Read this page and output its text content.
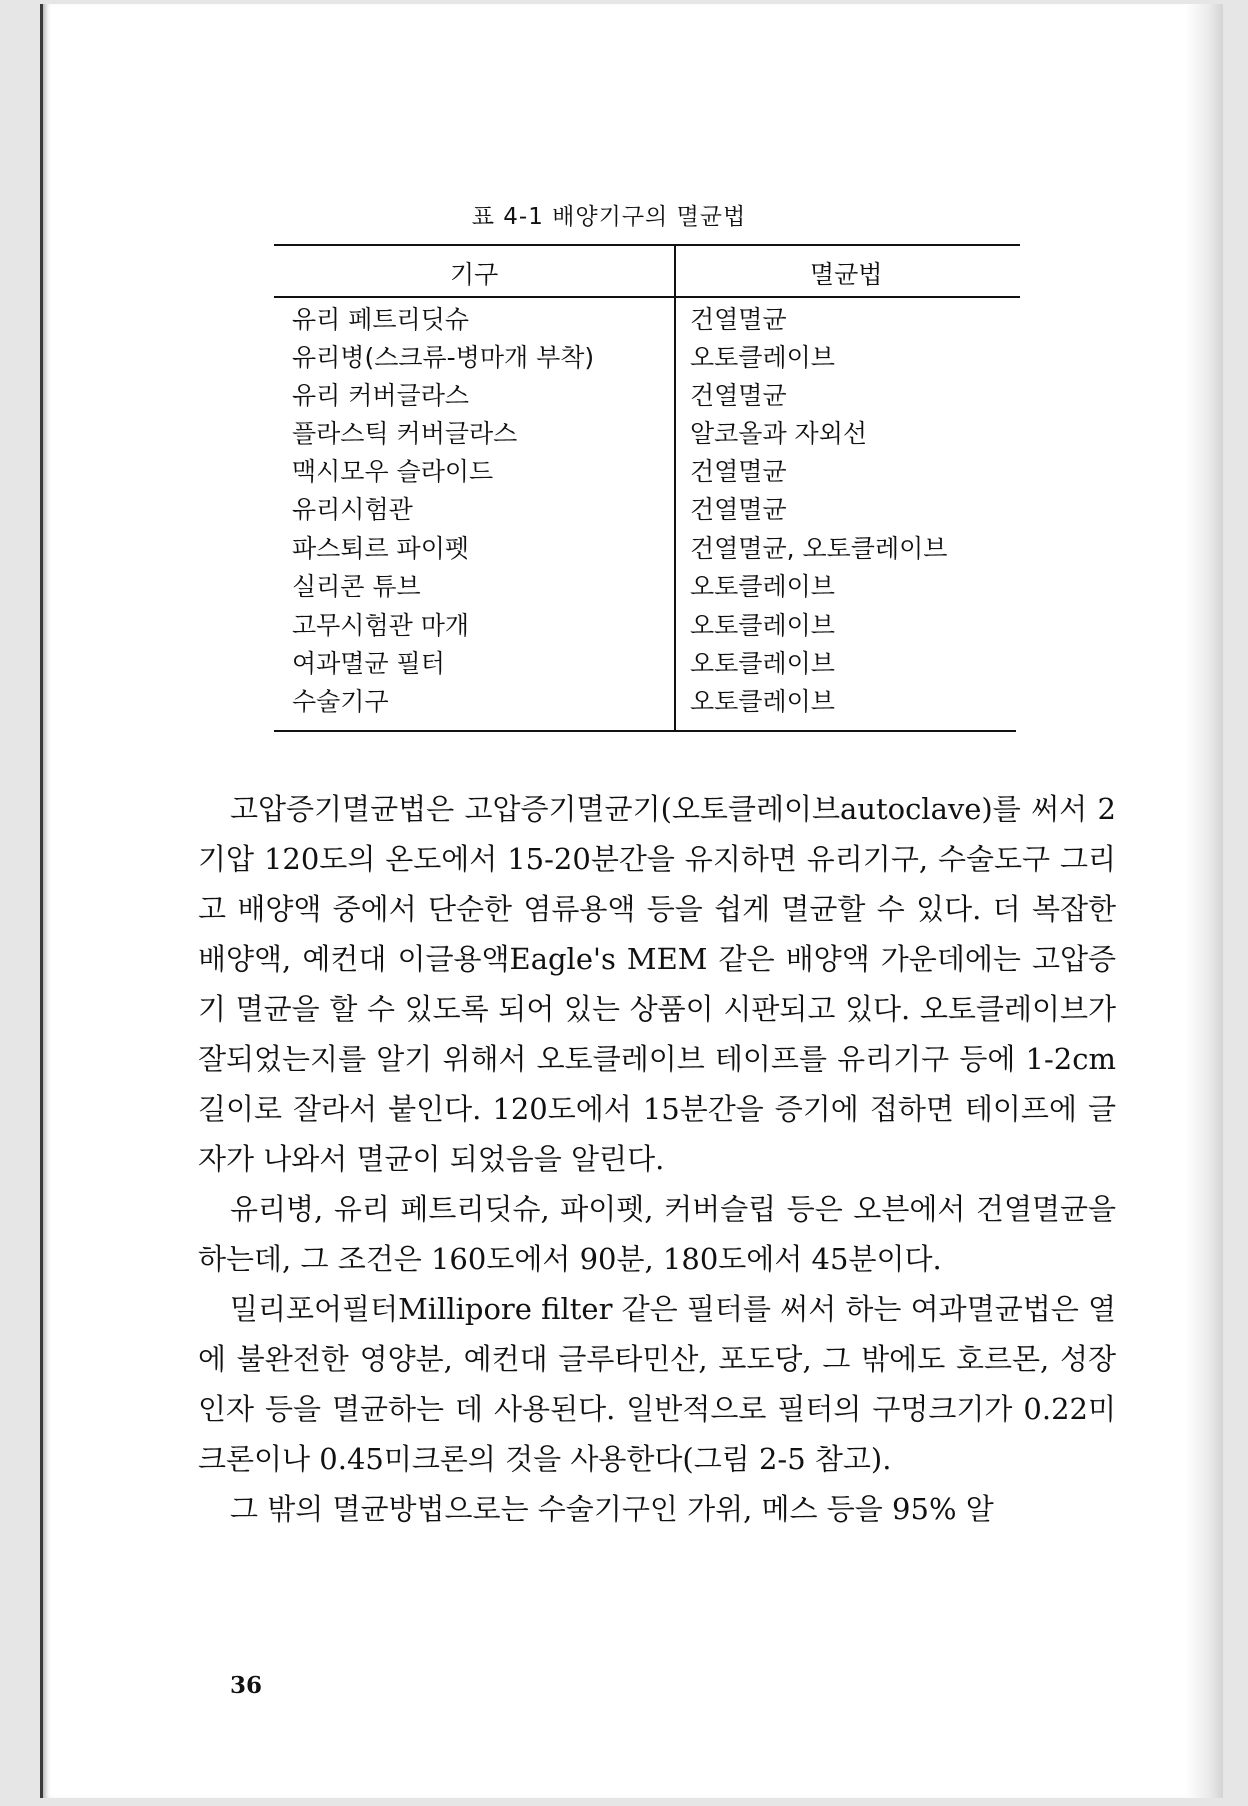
표 4-1 배양기구의 멸균법
기구	멸균법
유리 페트리딧슈	건열멸균
유리병(스크류-병마개 부착)	오토클레이브
유리 커버글라스	건열멸균
플라스틱 커버글라스	알코올과 자외선
맥시모우 슬라이드	건열멸균
유리시험관	건열멸균
파스퇴르 파이펫	건열멸균, 오토클레이브
실리콘 튜브	오토클레이브
고무시험관 마개	오토클레이브
여과멸균 필터	오토클레이브
수술기구	오토클레이브

고압증기멸균법은 고압증기멸균기(오토클레이브autoclave)를 써서 2기압 120도의 온도에서 15-20분간을 유지하면 유리기구, 수술도구 그리고 배양액 중에서 단순한 염류용액 등을 쉽게 멸균할 수 있다. 더 복잡한 배양액, 예컨대 이글용액Eagle's MEM 같은 배양액 가운데에는 고압증기 멸균을 할 수 있도록 되어 있는 상품이 시판되고 있다. 오토클레이브가 잘되었는지를 알기 위해서 오토클레이브 테이프를 유리기구 등에 1-2cm 길이로 잘라서 붙인다. 120도에서 15분간을 증기에 접하면 테이프에 글자가 나와서 멸균이 되었음을 알린다.

유리병, 유리 페트리딧슈, 파이펫, 커버슬립 등은 오븐에서 건열멸균을 하는데, 그 조건은 160도에서 90분, 180도에서 45분이다.

밀리포어필터Millipore filter 같은 필터를 써서 하는 여과멸균법은 열에 불완전한 영양분, 예컨대 글루타민산, 포도당, 그 밖에도 호르몬, 성장인자 등을 멸균하는 데 사용된다. 일반적으로 필터의 구멍크기가 0.22미크론이나 0.45미크론의 것을 사용한다(그림 2-5 참고).

그 밖의 멸균방법으로는 수술기구인 가위, 메스 등을 95% 알

36
